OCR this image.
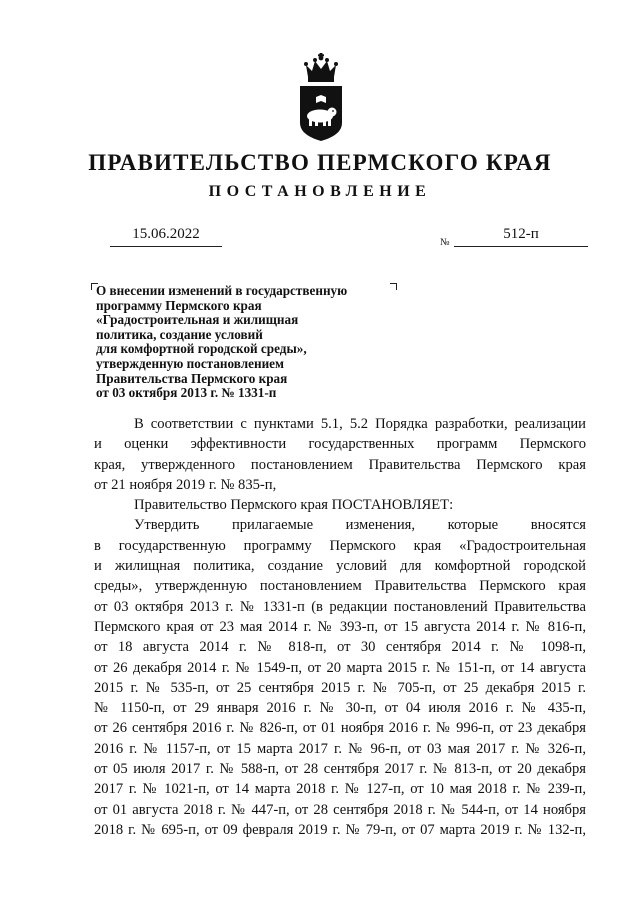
ПРАВИТЕЛЬСТВО ПЕРМСКОГО КРАЯ
ПОСТАНОВЛЕНИЕ
15.06.2022
№
512-п
О внесении изменений в государственную
программу Пермского края
«Градостроительная и жилищная
политика, создание условий
для комфортной городской среды»,
утвержденную постановлением
Правительства Пермского края
от 03 октября 2013 г. № 1331-п

В соответствии с пунктами 5.1, 5.2 Порядка разработки, реализации
и оценки эффективности государственных программ Пермского
края, утвержденного постановлением Правительства Пермского края
от 21 ноября 2019 г. № 835-п,

Правительство Пермского края ПОСТАНОВЛЯЕТ:

Утвердить прилагаемые изменения, которые вносятся
в государственную программу Пермского края «Градостроительная
и жилищная политика, создание условий для комфортной городской
среды», утвержденную постановлением Правительства Пермского края
от 03 октября 2013 г. № 1331-п (в редакции постановлений Правительства
Пермского края от 23 мая 2014 г. № 393-п, от 15 августа 2014 г. № 816-п,
от 18 августа 2014 г. № 818-п, от 30 сентября 2014 г. № 1098-п,
от 26 декабря 2014 г. № 1549-п, от 20 марта 2015 г. № 151-п, от 14 августа
2015 г. № 535-п, от 25 сентября 2015 г. № 705-п, от 25 декабря 2015 г.
№ 1150-п, от 29 января 2016 г. № 30-п, от 04 июля 2016 г. № 435-п,
от 26 сентября 2016 г. № 826-п, от 01 ноября 2016 г. № 996-п, от 23 декабря
2016 г. № 1157-п, от 15 марта 2017 г. № 96-п, от 03 мая 2017 г. № 326-п,
от 05 июля 2017 г. № 588-п, от 28 сентября 2017 г. № 813-п, от 20 декабря
2017 г. № 1021-п, от 14 марта 2018 г. № 127-п, от 10 мая 2018 г. № 239-п,
от 01 августа 2018 г. № 447-п, от 28 сентября 2018 г. № 544-п, от 14 ноября
2018 г. № 695-п, от 09 февраля 2019 г. № 79-п, от 07 марта 2019 г. № 132-п,
